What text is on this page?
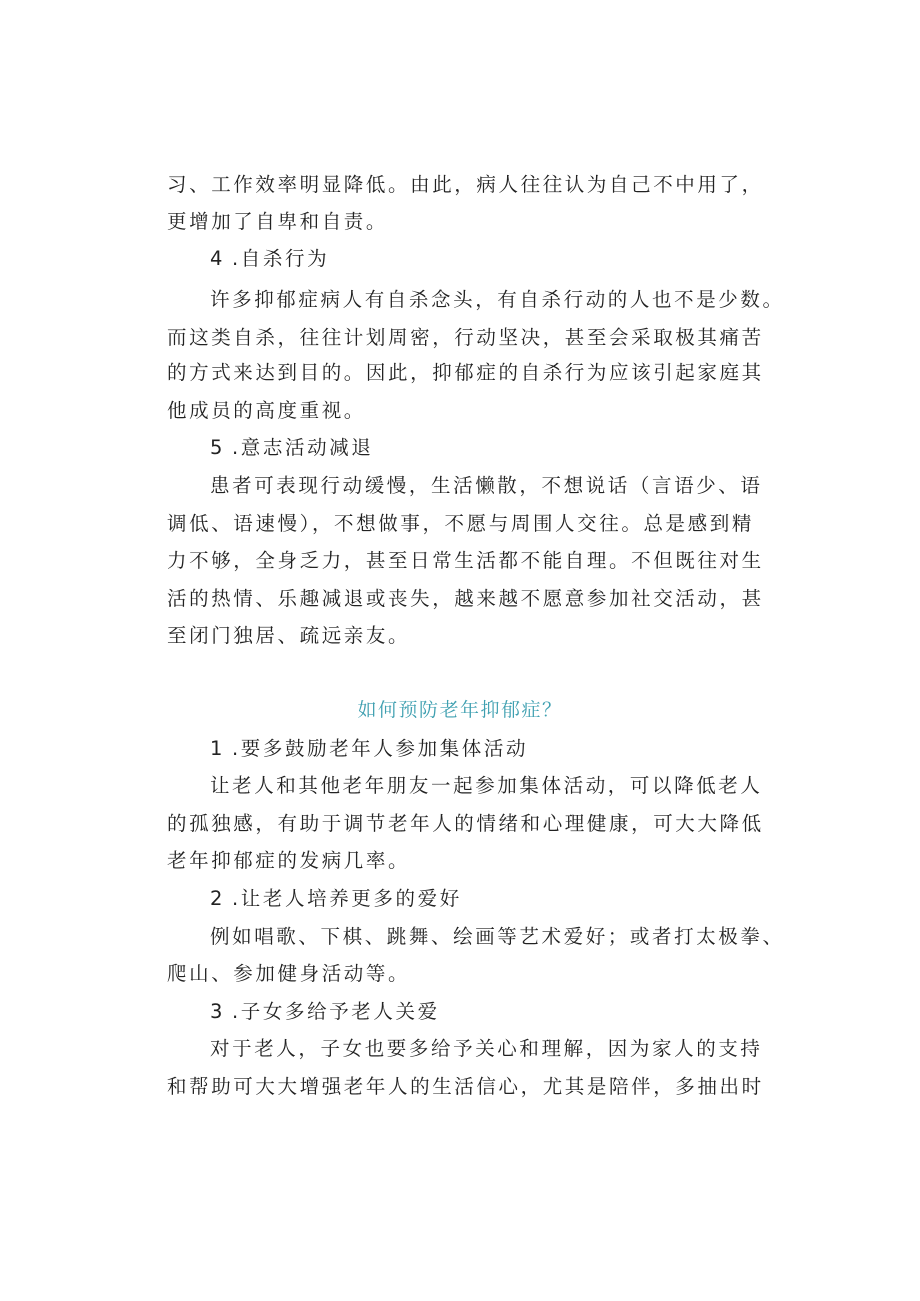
习、工作效率明显降低。由此，病人往往认为自己不中用了，
更增加了自卑和自责。
4 .自杀行为
许多抑郁症病人有自杀念头，有自杀行动的人也不是少数。
而这类自杀，往往计划周密，行动坚决，甚至会采取极其痛苦
的方式来达到目的。因此，抑郁症的自杀行为应该引起家庭其
他成员的高度重视。
5 .意志活动减退
患者可表现行动缓慢，生活懒散，不想说话（言语少、语
调低、语速慢），不想做事，不愿与周围人交往。总是感到精
力不够，全身乏力，甚至日常生活都不能自理。不但既往对生
活的热情、乐趣减退或丧失，越来越不愿意参加社交活动，甚
至闭门独居、疏远亲友。
如何预防老年抑郁症？
1 .要多鼓励老年人参加集体活动
让老人和其他老年朋友一起参加集体活动，可以降低老人
的孤独感，有助于调节老年人的情绪和心理健康，可大大降低
老年抑郁症的发病几率。
2 .让老人培养更多的爱好
例如唱歌、下棋、跳舞、绘画等艺术爱好；或者打太极拳、
爬山、参加健身活动等。
3 .子女多给予老人关爱
对于老人，子女也要多给予关心和理解，因为家人的支持
和帮助可大大增强老年人的生活信心，尤其是陪伴，多抽出时
